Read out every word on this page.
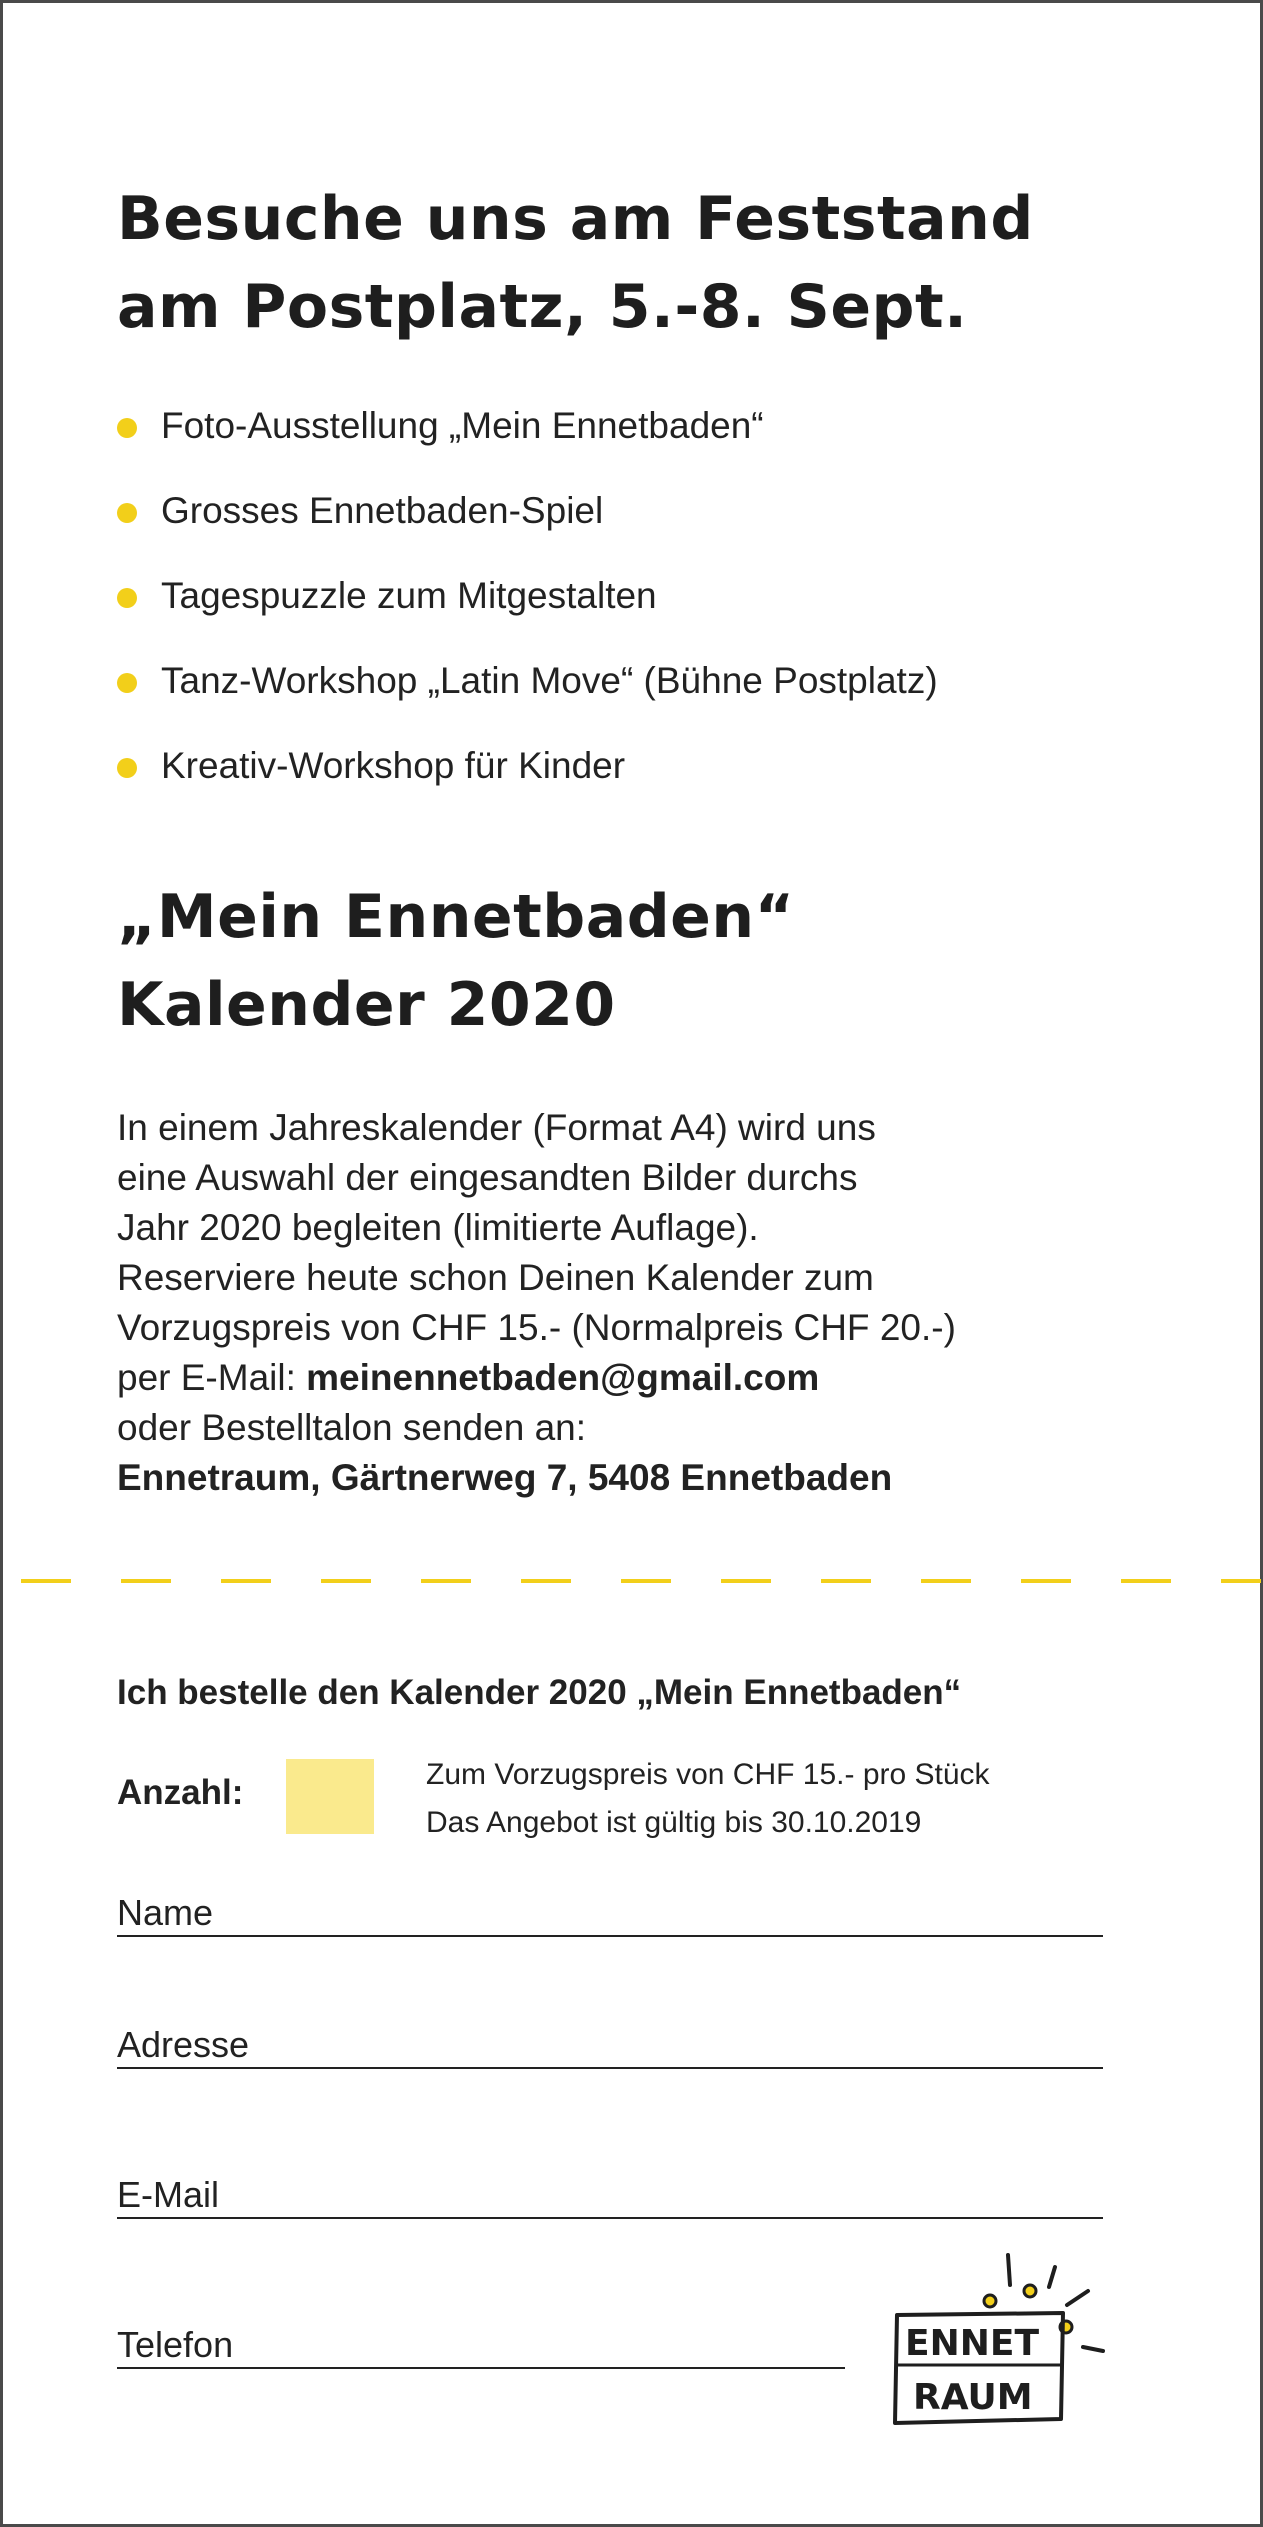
Besuche uns am Feststand
am Postplatz, 5.-8. Sept.
Foto-Ausstellung „Mein Ennetbaden“
Grosses Ennetbaden-Spiel
Tagespuzzle zum Mitgestalten
Tanz-Workshop „Latin Move“ (Bühne Postplatz)
Kreativ-Workshop für Kinder
„Mein Ennetbaden“
Kalender 2020
In einem Jahreskalender (Format A4) wird uns
eine Auswahl der eingesandten Bilder durchs
Jahr 2020 begleiten (limitierte Auflage).
Reserviere heute schon Deinen Kalender zum
Vorzugspreis von CHF 15.- (Normalpreis CHF 20.-)
per E-Mail: meinennetbaden@gmail.com
oder Bestelltalon senden an:
Ennetraum, Gärtnerweg 7, 5408 Ennetbaden
Ich bestelle den Kalender 2020 „Mein Ennetbaden“
Anzahl:	Zum Vorzugspreis von CHF 15.- pro Stück
Das Angebot ist gültig bis 30.10.2019
Name
Adresse
E-Mail
Telefon	ENNET
RAUM
